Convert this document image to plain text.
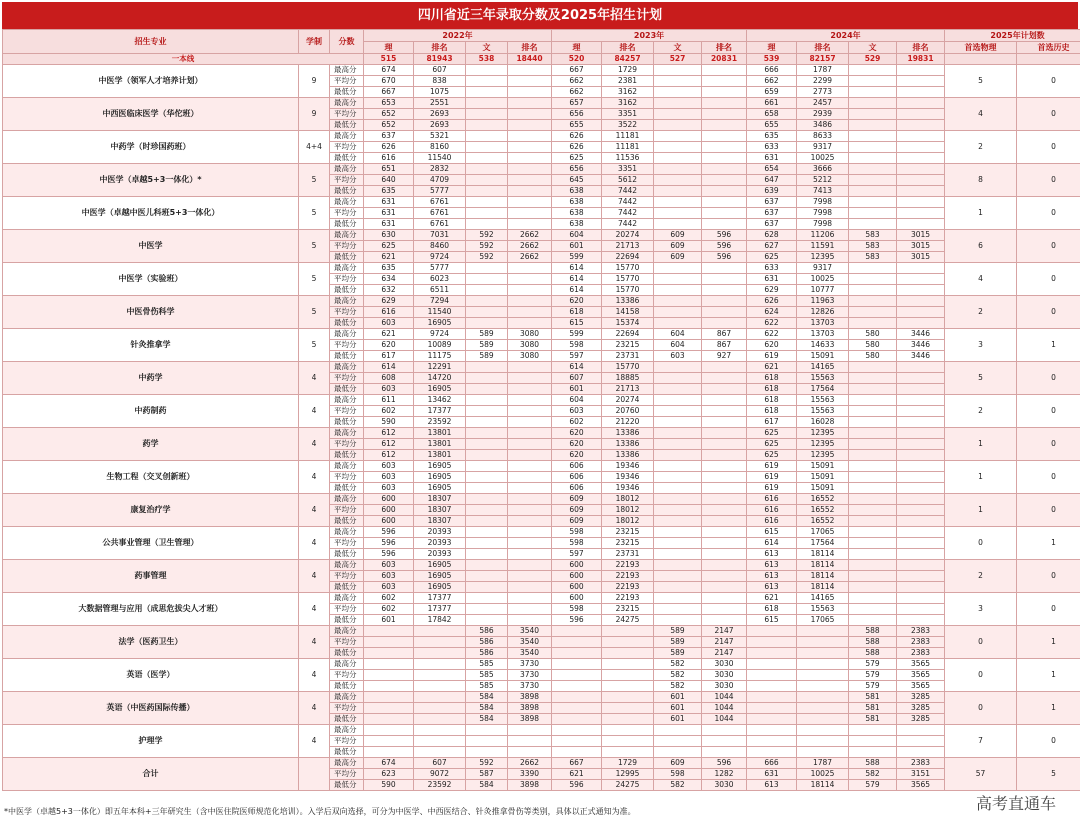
四川省近三年录取分数及2025年招生计划
招生专业	学制	分数	2022年				2023年				2024年				2025年计划数	
			理	排名	文	排名	理	排名	文	排名	理	排名	文	排名	首选物理	首选历史
一本线			515	81943	538	18440	520	84257	527	20831	539	82157	529	19831		
中医学（领军人才培养计划）	9	最高分	674	607			667	1729			666	1787			5	0
		平均分	670	838			662	2381			662	2299				
		最低分	667	1075			662	3162			659	2773				
中西医临床医学（华佗班）	9	最高分	653	2551			657	3162			661	2457			4	0
		平均分	652	2693			656	3351			658	2939				
		最低分	652	2693			655	3522			655	3486				
中药学（时珍国药班）	4+4	最高分	637	5321			626	11181			635	8633			2	0
		平均分	626	8160			626	11181			633	9317				
		最低分	616	11540			625	11536			631	10025				
中医学（卓越5+3一体化）*	5	最高分	651	2832			656	3351			654	3666			8	0
		平均分	640	4709			645	5612			647	5212				
		最低分	635	5777			638	7442			639	7413				
中医学（卓越中医儿科班5+3一体化）	5	最高分	631	6761			638	7442			637	7998			1	0
		平均分	631	6761			638	7442			637	7998				
		最低分	631	6761			638	7442			637	7998				
中医学	5	最高分	630	7031	592	2662	604	20274	609	596	628	11206	583	3015	6	0
		平均分	625	8460	592	2662	601	21713	609	596	627	11591	583	3015		
		最低分	621	9724	592	2662	599	22694	609	596	625	12395	583	3015		
中医学（实验班）	5	最高分	635	5777			614	15770			633	9317			4	0
		平均分	634	6023			614	15770			631	10025				
		最低分	632	6511			614	15770			629	10777				
中医骨伤科学	5	最高分	629	7294			620	13386			626	11963			2	0
		平均分	616	11540			618	14158			624	12826				
		最低分	603	16905			615	15374			622	13703				
针灸推拿学	5	最高分	621	9724	589	3080	599	22694	604	867	622	13703	580	3446	3	1
		平均分	620	10089	589	3080	598	23215	604	867	620	14633	580	3446		
		最低分	617	11175	589	3080	597	23731	603	927	619	15091	580	3446		
中药学	4	最高分	614	12291			614	15770			621	14165			5	0
		平均分	608	14720			607	18885			618	15563				
		最低分	603	16905			601	21713			618	17564				
中药制药	4	最高分	611	13462			604	20274			618	15563			2	0
		平均分	602	17377			603	20760			618	15563				
		最低分	590	23592			602	21220			617	16028				
药学	4	最高分	612	13801			620	13386			625	12395			1	0
		平均分	612	13801			620	13386			625	12395				
		最低分	612	13801			620	13386			625	12395				
生物工程（交叉创新班）	4	最高分	603	16905			606	19346			619	15091			1	0
		平均分	603	16905			606	19346			619	15091				
		最低分	603	16905			606	19346			619	15091				
康复治疗学	4	最高分	600	18307			609	18012			616	16552			1	0
		平均分	600	18307			609	18012			616	16552				
		最低分	600	18307			609	18012			616	16552				
公共事业管理（卫生管理）	4	最高分	596	20393			598	23215			615	17065			0	1
		平均分	596	20393			598	23215			614	17564				
		最低分	596	20393			597	23731			613	18114				
药事管理	4	最高分	603	16905			600	22193			613	18114			2	0
		平均分	603	16905			600	22193			613	18114				
		最低分	603	16905			600	22193			613	18114				
大数据管理与应用（成思危拔尖人才班）	4	最高分	602	17377			600	22193			621	14165			3	0
		平均分	602	17377			598	23215			618	15563				
		最低分	601	17842			596	24275			615	17065				
法学（医药卫生）	4	最高分			586	3540			589	2147			588	2383	0	1
		平均分			586	3540			589	2147			588	2383		
		最低分			586	3540			589	2147			588	2383		
英语（医学）	4	最高分			585	3730			582	3030			579	3565	0	1
		平均分			585	3730			582	3030			579	3565		
		最低分			585	3730			582	3030			579	3565		
英语（中医药国际传播）	4	最高分			584	3898			601	1044			581	3285	0	1
		平均分			584	3898			601	1044			581	3285		
		最低分			584	3898			601	1044			581	3285		
护理学	4	最高分													7	0
		平均分														
		最低分														
合计		最高分	674	607	592	2662	667	1729	609	596	666	1787	588	2383	57	5
		平均分	623	9072	587	3390	621	12995	598	1282	631	10025	582	3151		
		最低分	590	23592	584	3898	596	24275	582	3030	613	18114	579	3565		
*中医学（卓越5+3一体化）即五年本科+三年研究生（含中医住院医师规范化培训）。入学后双向选择，可分为中医学、中西医结合、针灸推拿骨伤等类别，具体以正式通知为准。	高考直通车
